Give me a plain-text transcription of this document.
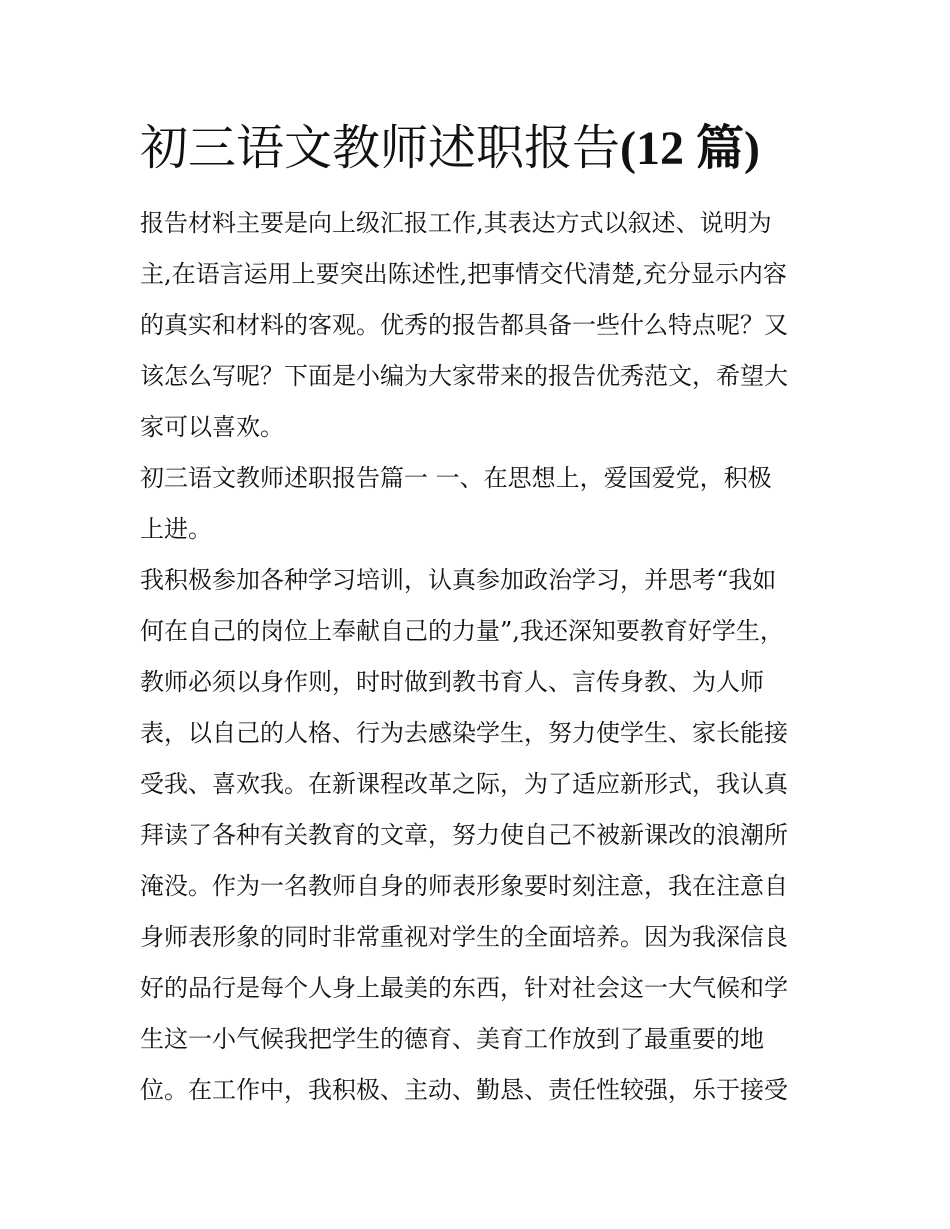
初三语文教师述职报告(12 篇)
报告材料主要是向上级汇报工作,其表达方式以叙述、说明为
主,在语言运用上要突出陈述性,把事情交代清楚,充分显示内容
的真实和材料的客观。优秀的报告都具备一些什么特点呢？又
该怎么写呢？下面是小编为大家带来的报告优秀范文，希望大
家可以喜欢。
初三语文教师述职报告篇一 一、在思想上，爱国爱党，积极
上进。
我积极参加各种学习培训，认真参加政治学习，并思考“我如
何在自己的岗位上奉献自己的力量”,我还深知要教育好学生，
教师必须以身作则，时时做到教书育人、言传身教、为人师
表，以自己的人格、行为去感染学生，努力使学生、家长能接
受我、喜欢我。在新课程改革之际，为了适应新形式，我认真
拜读了各种有关教育的文章，努力使自己不被新课改的浪潮所
淹没。作为一名教师自身的师表形象要时刻注意，我在注意自
身师表形象的同时非常重视对学生的全面培养。因为我深信良
好的品行是每个人身上最美的东西，针对社会这一大气候和学
生这一小气候我把学生的德育、美育工作放到了最重要的地
位。在工作中，我积极、主动、勤恳、责任性较强，乐于接受
